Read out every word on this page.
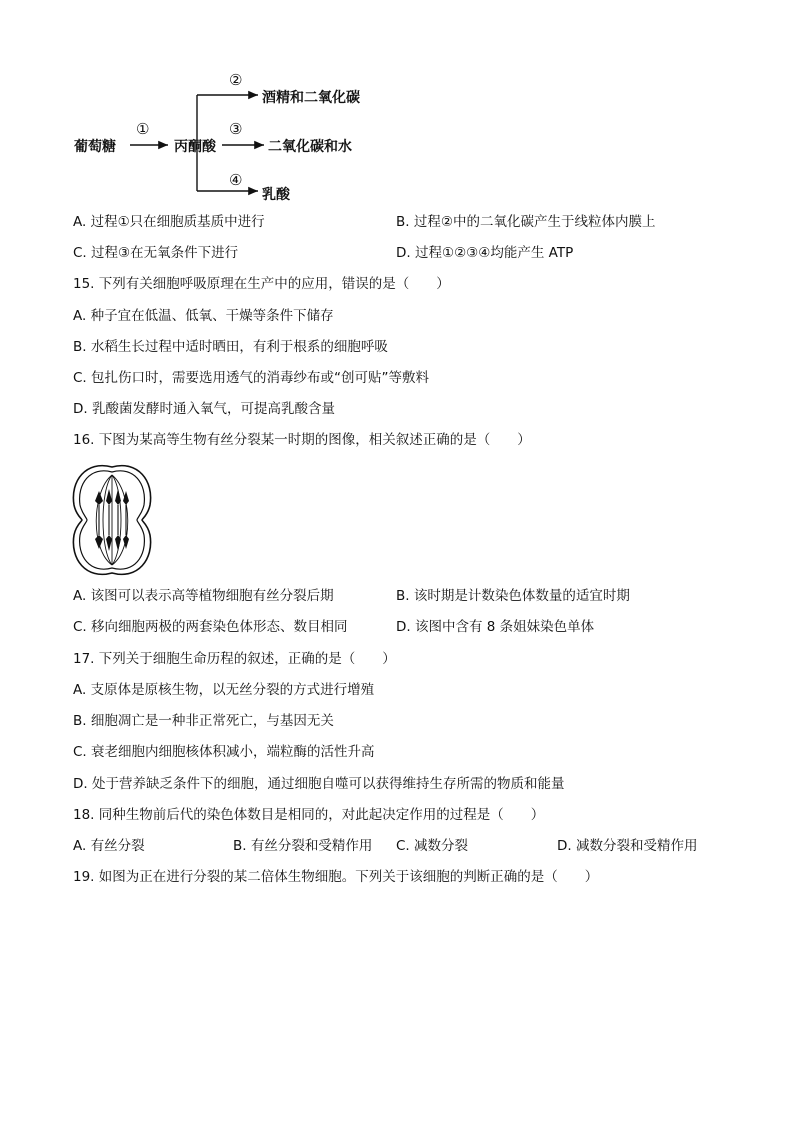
葡萄糖
①
丙酮酸
②
酒精和二氧化碳
③
二氧化碳和水
④
乳酸
A. 过程①只在细胞质基质中进行	B. 过程②中的二氧化碳产生于线粒体内膜上
C. 过程③在无氧条件下进行	D. 过程①②③④均能产生 ATP
15. 下列有关细胞呼吸原理在生产中的应用，错误的是（　　）
A. 种子宜在低温、低氧、干燥等条件下储存
B. 水稻生长过程中适时晒田，有利于根系的细胞呼吸
C. 包扎伤口时，需要选用透气的消毒纱布或“创可贴”等敷料
D. 乳酸菌发酵时通入氧气，可提高乳酸含量
16. 下图为某高等生物有丝分裂某一时期的图像，相关叙述正确的是（　　）
A. 该图可以表示高等植物细胞有丝分裂后期	B. 该时期是计数染色体数量的适宜时期
C. 移向细胞两极的两套染色体形态、数目相同	D. 该图中含有 8 条姐妹染色单体
17. 下列关于细胞生命历程的叙述，正确的是（　　）
A. 支原体是原核生物，以无丝分裂的方式进行增殖
B. 细胞凋亡是一种非正常死亡，与基因无关
C. 衰老细胞内细胞核体积减小，端粒酶的活性升高
D. 处于营养缺乏条件下的细胞，通过细胞自噬可以获得维持生存所需的物质和能量
18. 同种生物前后代的染色体数目是相同的，对此起决定作用的过程是（　　）
A. 有丝分裂	B. 有丝分裂和受精作用 C. 减数分裂	D. 减数分裂和受精作用
19. 如图为正在进行分裂的某二倍体生物细胞。下列关于该细胞的判断正确的是（　　）
